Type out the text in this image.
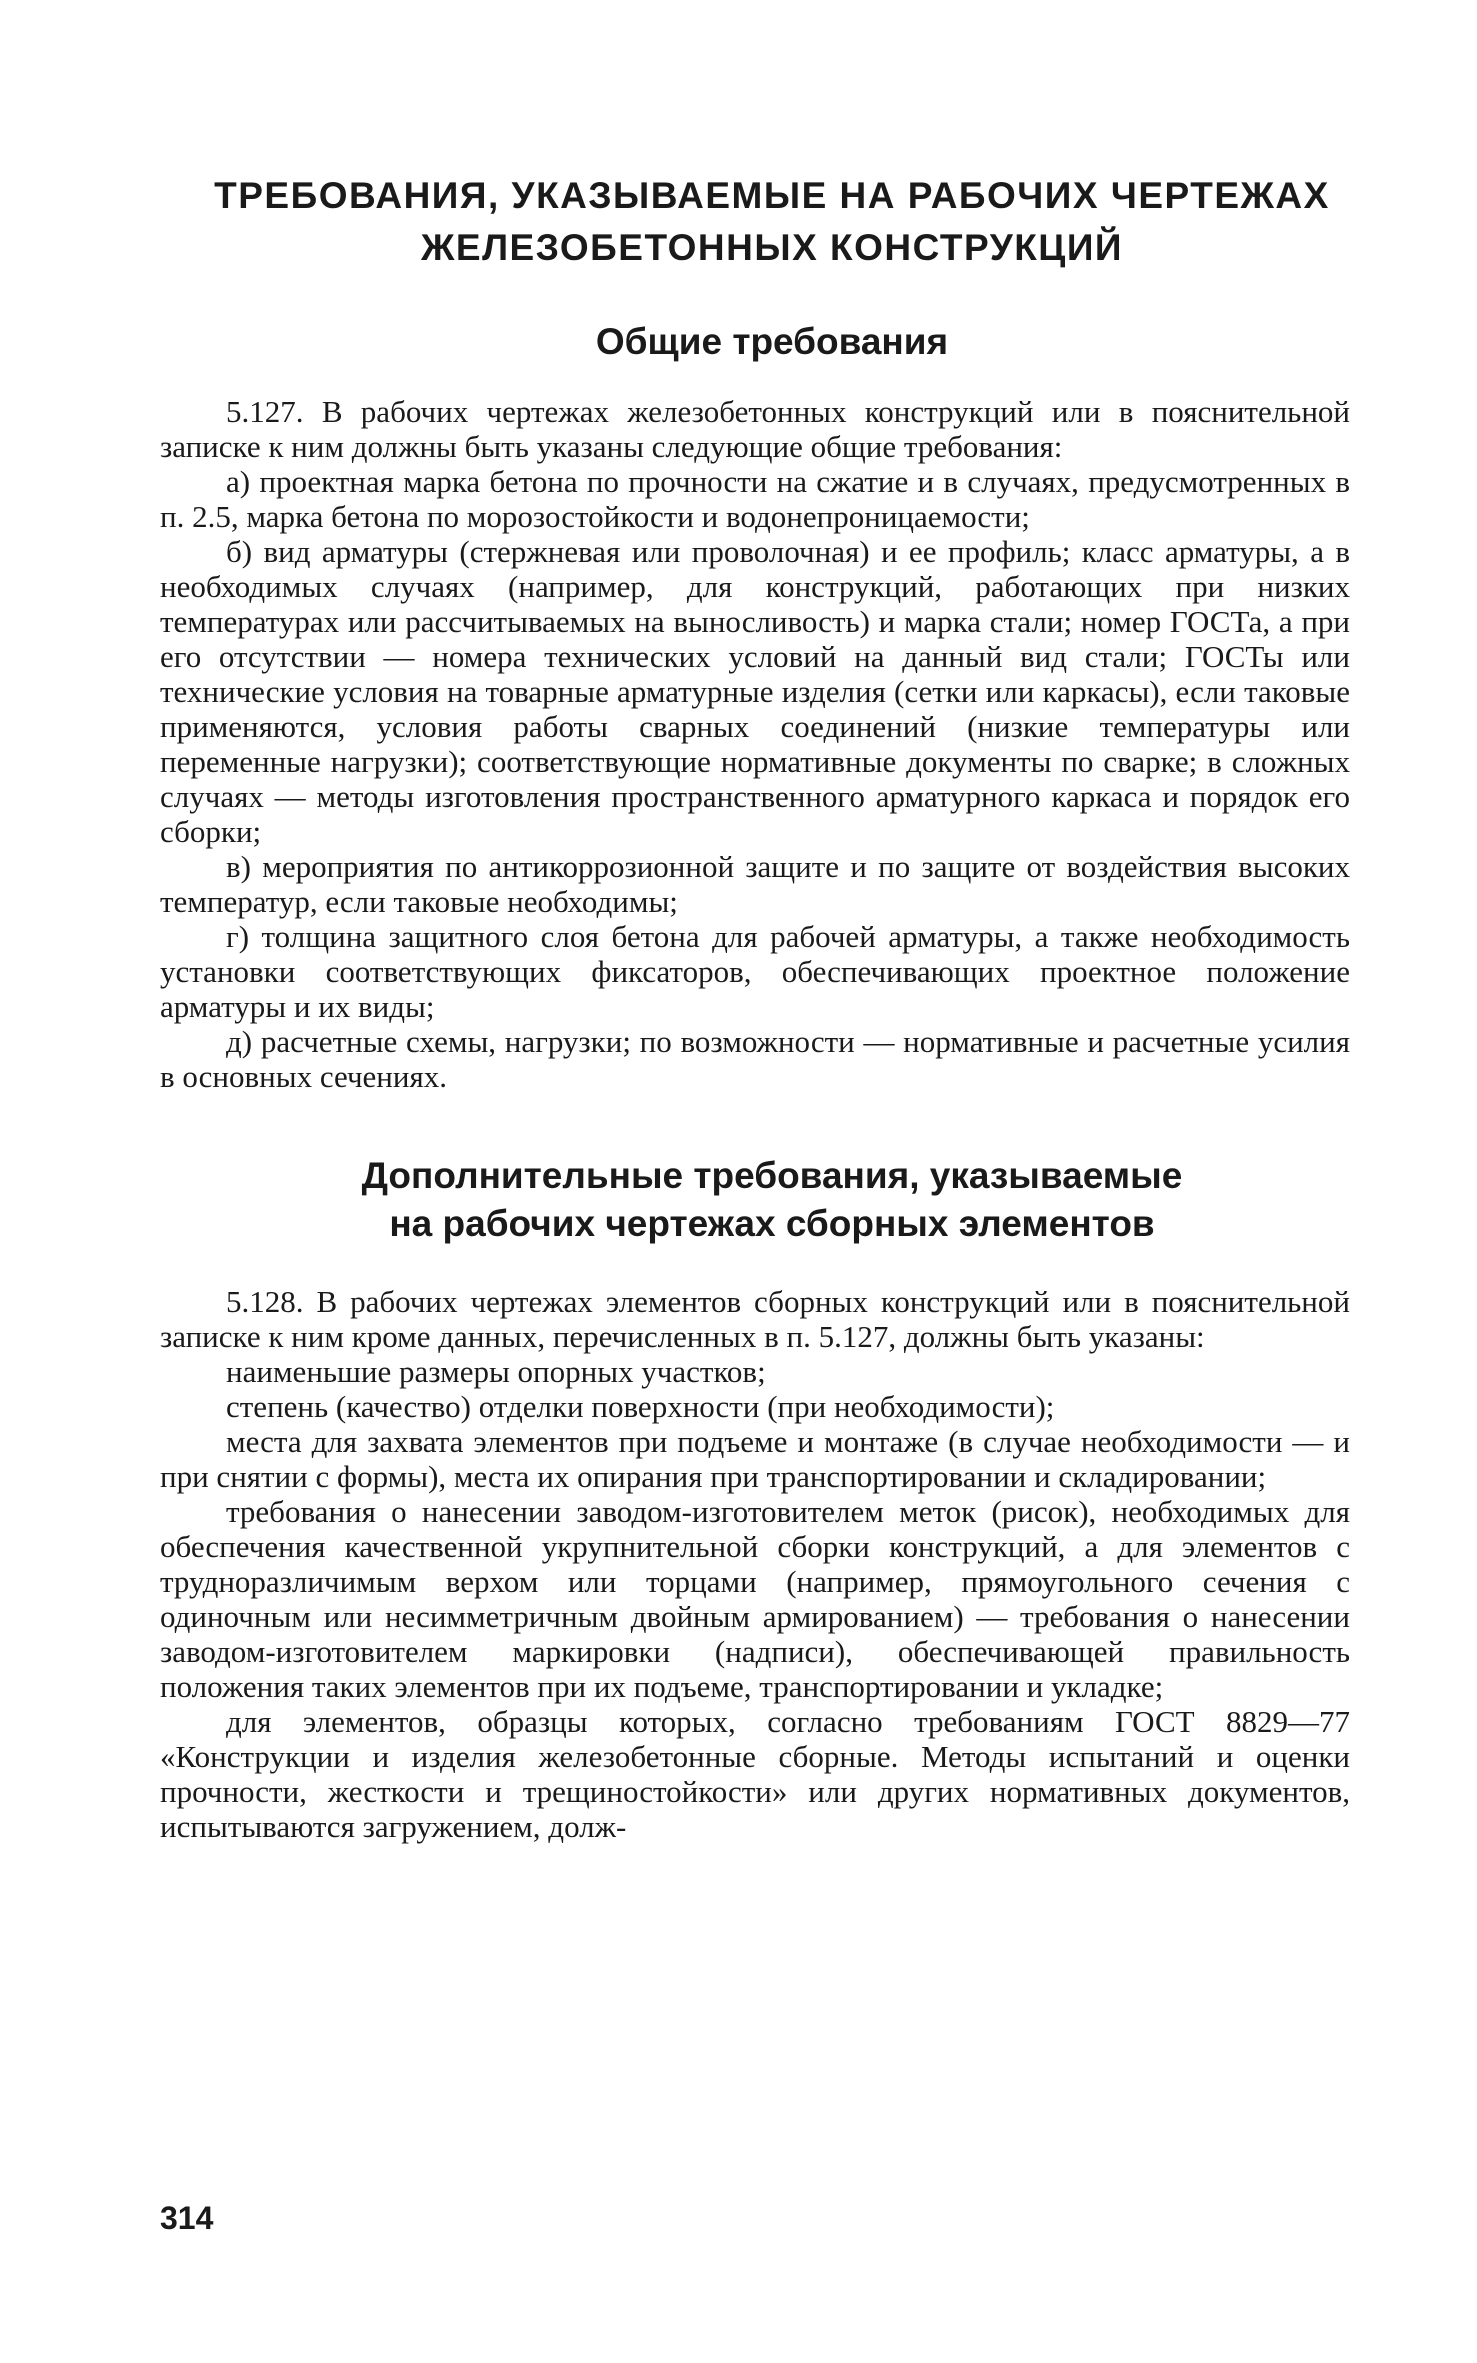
ТРЕБОВАНИЯ, УКАЗЫВАЕМЫЕ НА РАБОЧИХ ЧЕРТЕЖАХ
ЖЕЛЕЗОБЕТОННЫХ КОНСТРУКЦИЙ
Общие требования

5.127. В рабочих чертежах железобетонных конструкций или в пояснительной записке к ним должны быть указаны следующие общие требования:

а) проектная марка бетона по прочности на сжатие и в случаях, предусмотренных в п. 2.5, марка бетона по морозостойкости и водонепроницаемости;

б) вид арматуры (стержневая или проволочная) и ее профиль; класс арматуры, а в необходимых случаях (например, для конструкций, работающих при низких температурах или рассчитываемых на выносливость) и марка стали; номер ГОСТа, а при его отсутствии — номера технических условий на данный вид стали; ГОСТы или технические условия на товарные арматурные изделия (сетки или каркасы), если таковые применяются, условия работы сварных соединений (низкие температуры или переменные нагрузки); соответствующие нормативные документы по сварке; в сложных случаях — методы изготовления пространственного арматурного каркаса и порядок его сборки;

в) мероприятия по антикоррозионной защите и по защите от воздействия высоких температур, если таковые необходимы;

г) толщина защитного слоя бетона для рабочей арматуры, а также необходимость установки соответствующих фиксаторов, обеспечивающих проектное положение арматуры и их виды;

д) расчетные схемы, нагрузки; по возможности — нормативные и расчетные усилия в основных сечениях.

Дополнительные требования, указываемые
на рабочих чертежах сборных элементов

5.128. В рабочих чертежах элементов сборных конструкций или в пояснительной записке к ним кроме данных, перечисленных в п. 5.127, должны быть указаны:

наименьшие размеры опорных участков;

степень (качество) отделки поверхности (при необходимости);

места для захвата элементов при подъеме и монтаже (в случае необходимости — и при снятии с формы), места их опирания при транспортировании и складировании;

требования о нанесении заводом-изготовителем меток (рисок), необходимых для обеспечения качественной укрупнительной сборки конструкций, а для элементов с трудноразличимым верхом или торцами (например, прямоугольного сечения с одиночным или несимметричным двойным армированием) — требования о нанесении заводом-изготовителем маркировки (надписи), обеспечивающей правильность положения таких элементов при их подъеме, транспортировании и укладке;

для элементов, образцы которых, согласно требованиям ГОСТ 8829—77 «Конструкции и изделия железобетонные сборные. Методы испытаний и оценки прочности, жесткости и трещиностойкости» или других нормативных документов, испытываются загружением, долж-

314
